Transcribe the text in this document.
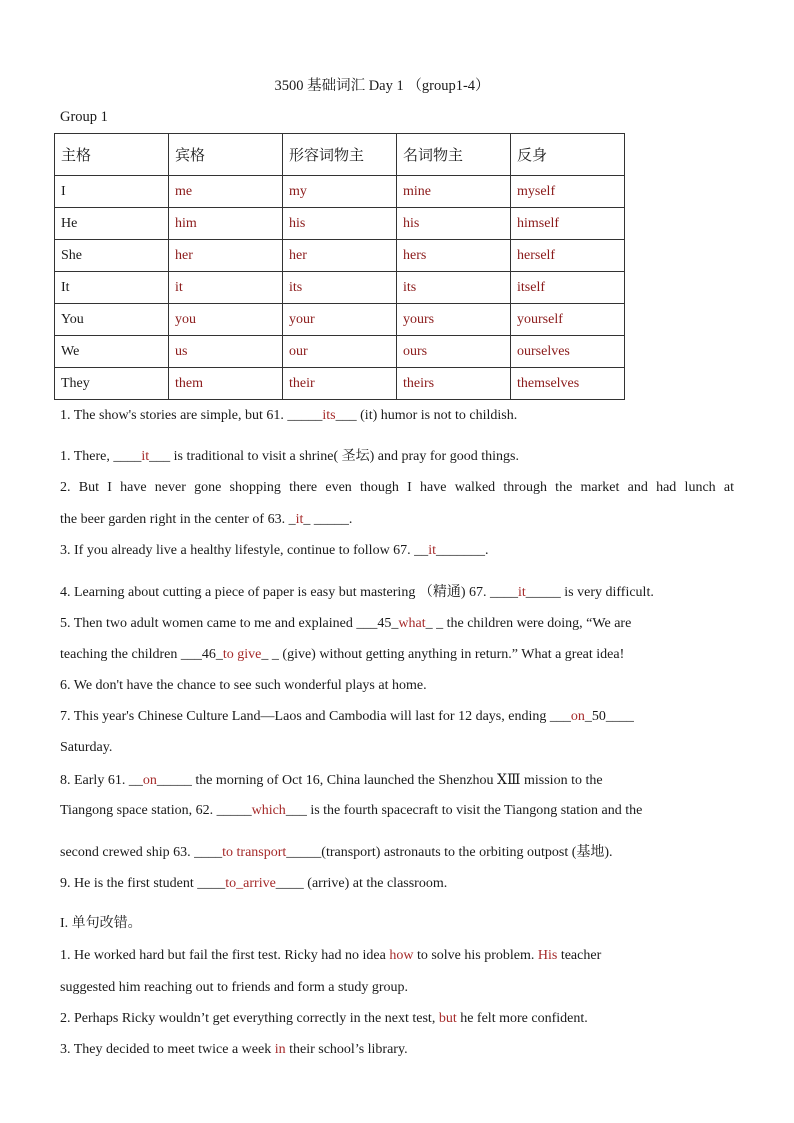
3500 基础词汇 Day 1 （group1-4）
Group 1
主格	宾格	形容词物主	名词物主	反身
I	me	my	mine	myself
He	him	his	his	himself
She	her	her	hers	herself
It	it	its	its	itself
You	you	your	yours	yourself
We	us	our	ours	ourselves
They	them	their	theirs	themselves
1. The show's stories are simple, but 61. _____its___ (it) humor is not to childish.
1. There, ____it___ is traditional to visit a shrine( 圣坛) and pray for good things.
2. But I have never gone shopping there even though I have walked through the market and had lunch at
the beer garden right in the center of 63. _it_ _____.
3. If you already live a healthy lifestyle, continue to follow 67. __it_______.
4. Learning about cutting a piece of paper is easy but mastering （精通) 67. ____it_____ is very difficult.
5. Then two adult women came to me and explained ___45_what_ _ the children were doing, “We are
teaching the children ___46_to give_ _ (give) without getting anything in return.” What a great idea!
6. We don't have the chance to see such wonderful plays at home.
7. This year's Chinese Culture Land—Laos and Cambodia will last for 12 days, ending ___on_50____
Saturday.
8. Early 61. __on_____ the morning of Oct 16, China launched the Shenzhou ⅩⅢ mission to the
Tiangong space station, 62. _____which___ is the fourth spacecraft to visit the Tiangong station and the
second crewed ship 63. ____to transport_____(transport) astronauts to the orbiting outpost (基地).
9. He is the first student ____to_arrive____ (arrive) at the classroom.
I. 单句改错。
1. He worked hard but fail the first test. Ricky had no idea how to solve his problem. His teacher
suggested him reaching out to friends and form a study group.
2. Perhaps Ricky wouldn’t get everything correctly in the next test, but he felt more confident.
3. They decided to meet twice a week in their school’s library.
